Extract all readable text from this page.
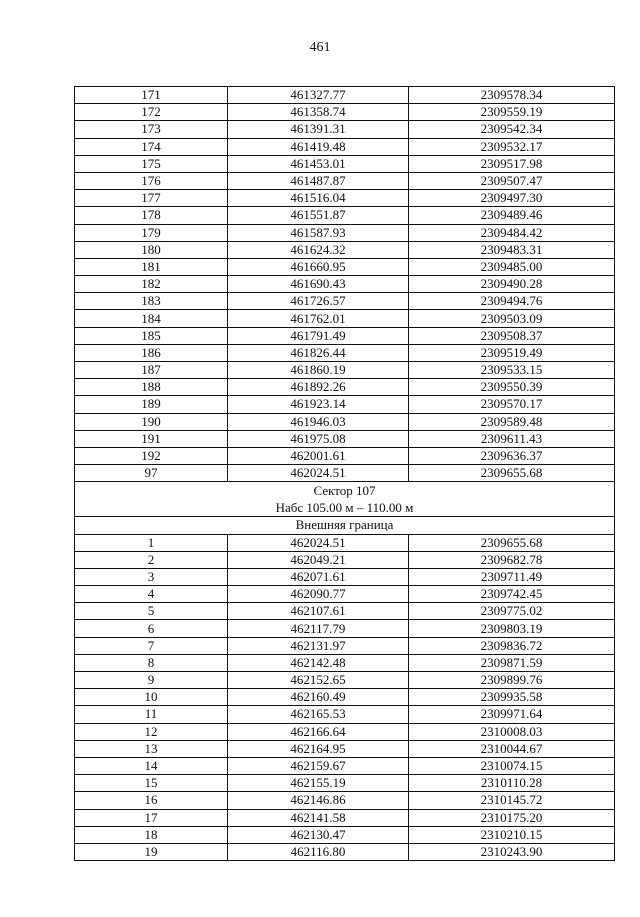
461
171	461327.77	2309578.34
172	461358.74	2309559.19
173	461391.31	2309542.34
174	461419.48	2309532.17
175	461453.01	2309517.98
176	461487.87	2309507.47
177	461516.04	2309497.30
178	461551.87	2309489.46
179	461587.93	2309484.42
180	461624.32	2309483.31
181	461660.95	2309485.00
182	461690.43	2309490.28
183	461726.57	2309494.76
184	461762.01	2309503.09
185	461791.49	2309508.37
186	461826.44	2309519.49
187	461860.19	2309533.15
188	461892.26	2309550.39
189	461923.14	2309570.17
190	461946.03	2309589.48
191	461975.08	2309611.43
192	462001.61	2309636.37
97	462024.51	2309655.68

Сектор 107
Набс 105.00 м – 110.00 м		

Внешняя граница		
1	462024.51	2309655.68
2	462049.21	2309682.78
3	462071.61	2309711.49
4	462090.77	2309742.45
5	462107.61	2309775.02
6	462117.79	2309803.19
7	462131.97	2309836.72
8	462142.48	2309871.59
9	462152.65	2309899.76
10	462160.49	2309935.58
11	462165.53	2309971.64
12	462166.64	2310008.03
13	462164.95	2310044.67
14	462159.67	2310074.15
15	462155.19	2310110.28
16	462146.86	2310145.72
17	462141.58	2310175.20
18	462130.47	2310210.15
19	462116.80	2310243.90
